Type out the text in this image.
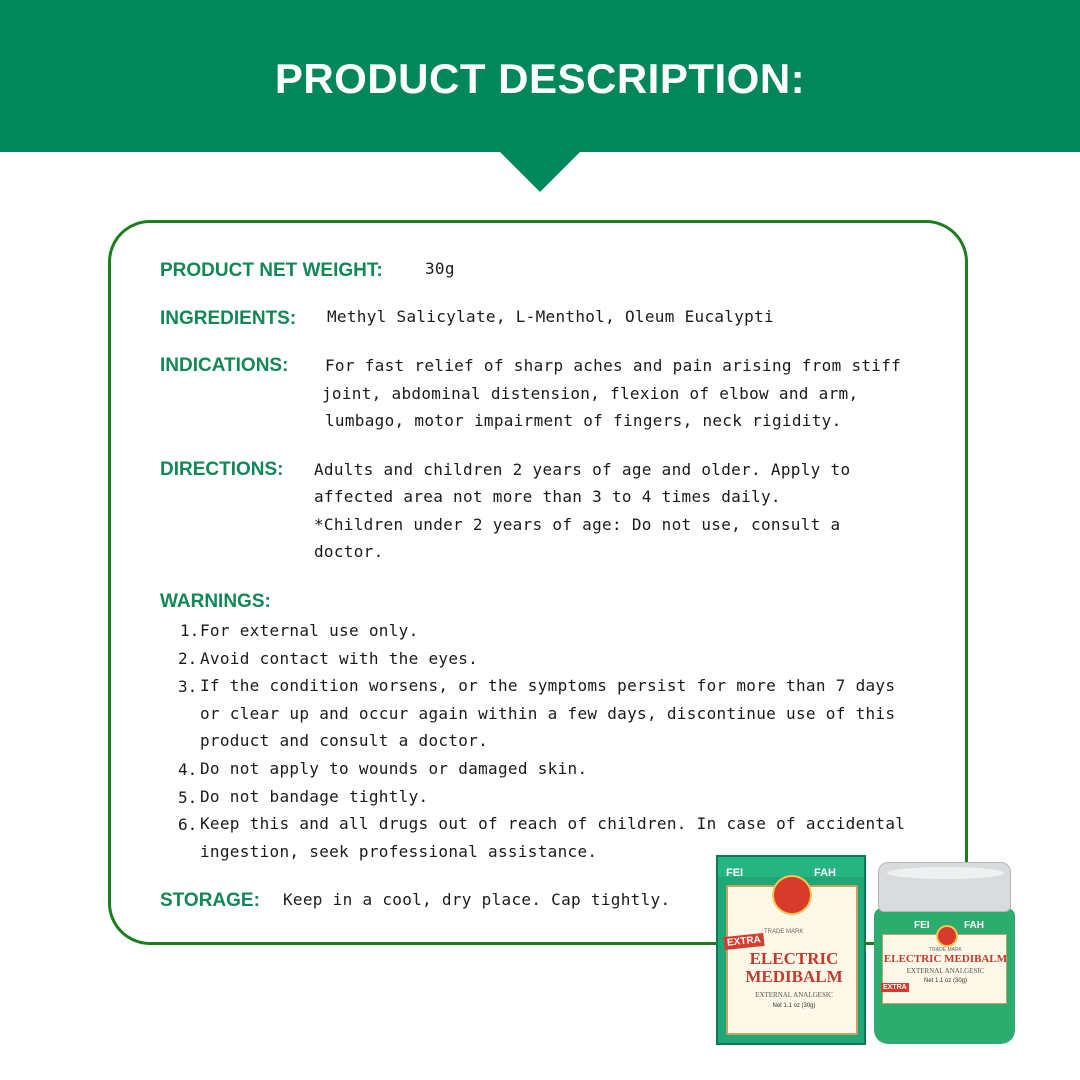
PRODUCT DESCRIPTION:
PRODUCT NET WEIGHT:	30g
INGREDIENTS: Methyl Salicylate, L-Menthol, Oleum Eucalypti
INDICATIONS: For fast relief of sharp aches and pain arising from stiff
joint, abdominal distension, flexion of elbow and arm,
lumbago, motor impairment of fingers, neck rigidity.
DIRECTIONS: Adults and children 2 years of age and older. Apply to
affected area not more than 3 to 4 times daily.
*Children under 2 years of age: Do not use, consult a
doctor.
WARNINGS:
1. For external use only.
2. Avoid contact with the eyes.
3. If the condition worsens, or the symptoms persist for more than 7 days
or clear up and occur again within a few days, discontinue use of this
product and consult a doctor.
4. Do not apply to wounds or damaged skin.
5. Do not bandage tightly.
6. Keep this and all drugs out of reach of children. In case of accidental
ingestion, seek professional assistance.
STORAGE: Keep in a cool, dry place. Cap tightly.
FEI	FAH
TRADE MARK
EXTRA
ELECTRIC
MEDIBALM
EXTERNAL ANALGESIC
Net 1.1 oz (30g)
FEI	FAH
TRADE MARK
ELECTRIC MEDIBALM
EXTERNAL ANALGESIC
Net 1.1 oz (30g)
EXTRA
